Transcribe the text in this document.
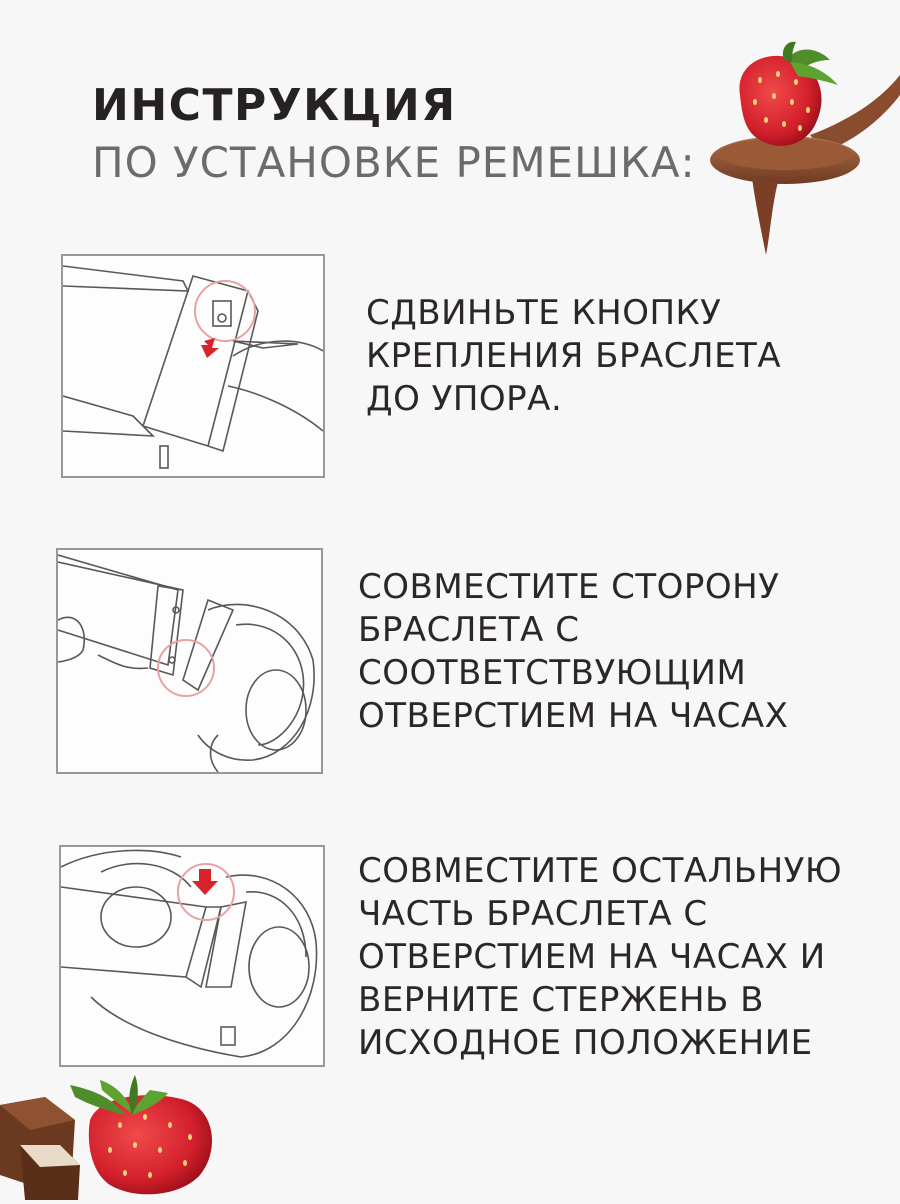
ИНСТРУКЦИЯ
ПО УСТАНОВКЕ РЕМЕШКА:
СДВИНЬТЕ КНОПКУ
КРЕПЛЕНИЯ БРАСЛЕТА
ДО УПОРА.
СОВМЕСТИТЕ СТОРОНУ
БРАСЛЕТА С
СООТВЕТСТВУЮЩИМ
ОТВЕРСТИЕМ НА ЧАСАХ
СОВМЕСТИТЕ ОСТАЛЬНУЮ
ЧАСТЬ БРАСЛЕТА С
ОТВЕРСТИЕМ НА ЧАСАХ И
ВЕРНИТЕ СТЕРЖЕНЬ В
ИСХОДНОЕ ПОЛОЖЕНИЕ
